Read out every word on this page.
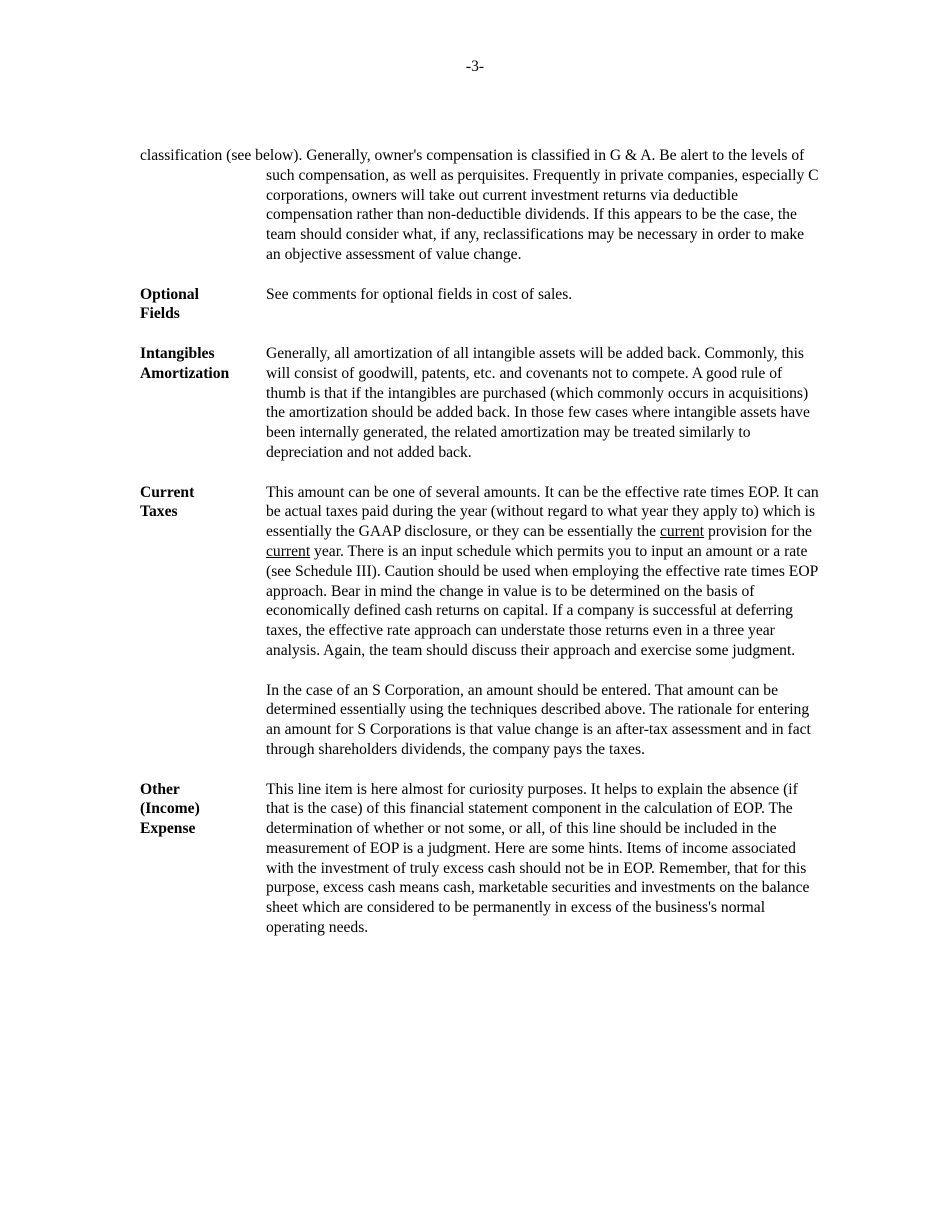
-3-

classification (see below). Generally, owner's compensation is classified in G & A. Be alert to the levels of such compensation, as well as perquisites. Frequently in private companies, especially C corporations, owners will take out current investment returns via deductible compensation rather than non-deductible dividends. If this appears to be the case, the team should consider what, if any, reclassifications may be necessary in order to make an objective assessment of value change.

Optional
Fields

See comments for optional fields in cost of sales.

Intangibles
Amortization

Generally, all amortization of all intangible assets will be added back. Commonly, this will consist of goodwill, patents, etc. and covenants not to compete. A good rule of thumb is that if the intangibles are purchased (which commonly occurs in acquisitions) the amortization should be added back. In those few cases where intangible assets have been internally generated, the related amortization may be treated similarly to depreciation and not added back.

Current
Taxes

This amount can be one of several amounts. It can be the effective rate times EOP. It can be actual taxes paid during the year (without regard to what year they apply to) which is essentially the GAAP disclosure, or they can be essentially the current provision for the current year. There is an input schedule which permits you to input an amount or a rate (see Schedule III). Caution should be used when employing the effective rate times EOP approach. Bear in mind the change in value is to be determined on the basis of economically defined cash returns on capital. If a company is successful at deferring taxes, the effective rate approach can understate those returns even in a three year analysis. Again, the team should discuss their approach and exercise some judgment.

In the case of an S Corporation, an amount should be entered. That amount can be determined essentially using the techniques described above. The rationale for entering an amount for S Corporations is that value change is an after-tax assessment and in fact through shareholders dividends, the company pays the taxes.

Other
(Income)
Expense

This line item is here almost for curiosity purposes. It helps to explain the absence (if that is the case) of this financial statement component in the calculation of EOP. The determination of whether or not some, or all, of this line should be included in the measurement of EOP is a judgment. Here are some hints. Items of income associated with the investment of truly excess cash should not be in EOP. Remember, that for this purpose, excess cash means cash, marketable securities and investments on the balance sheet which are considered to be permanently in excess of the business's normal operating needs.
